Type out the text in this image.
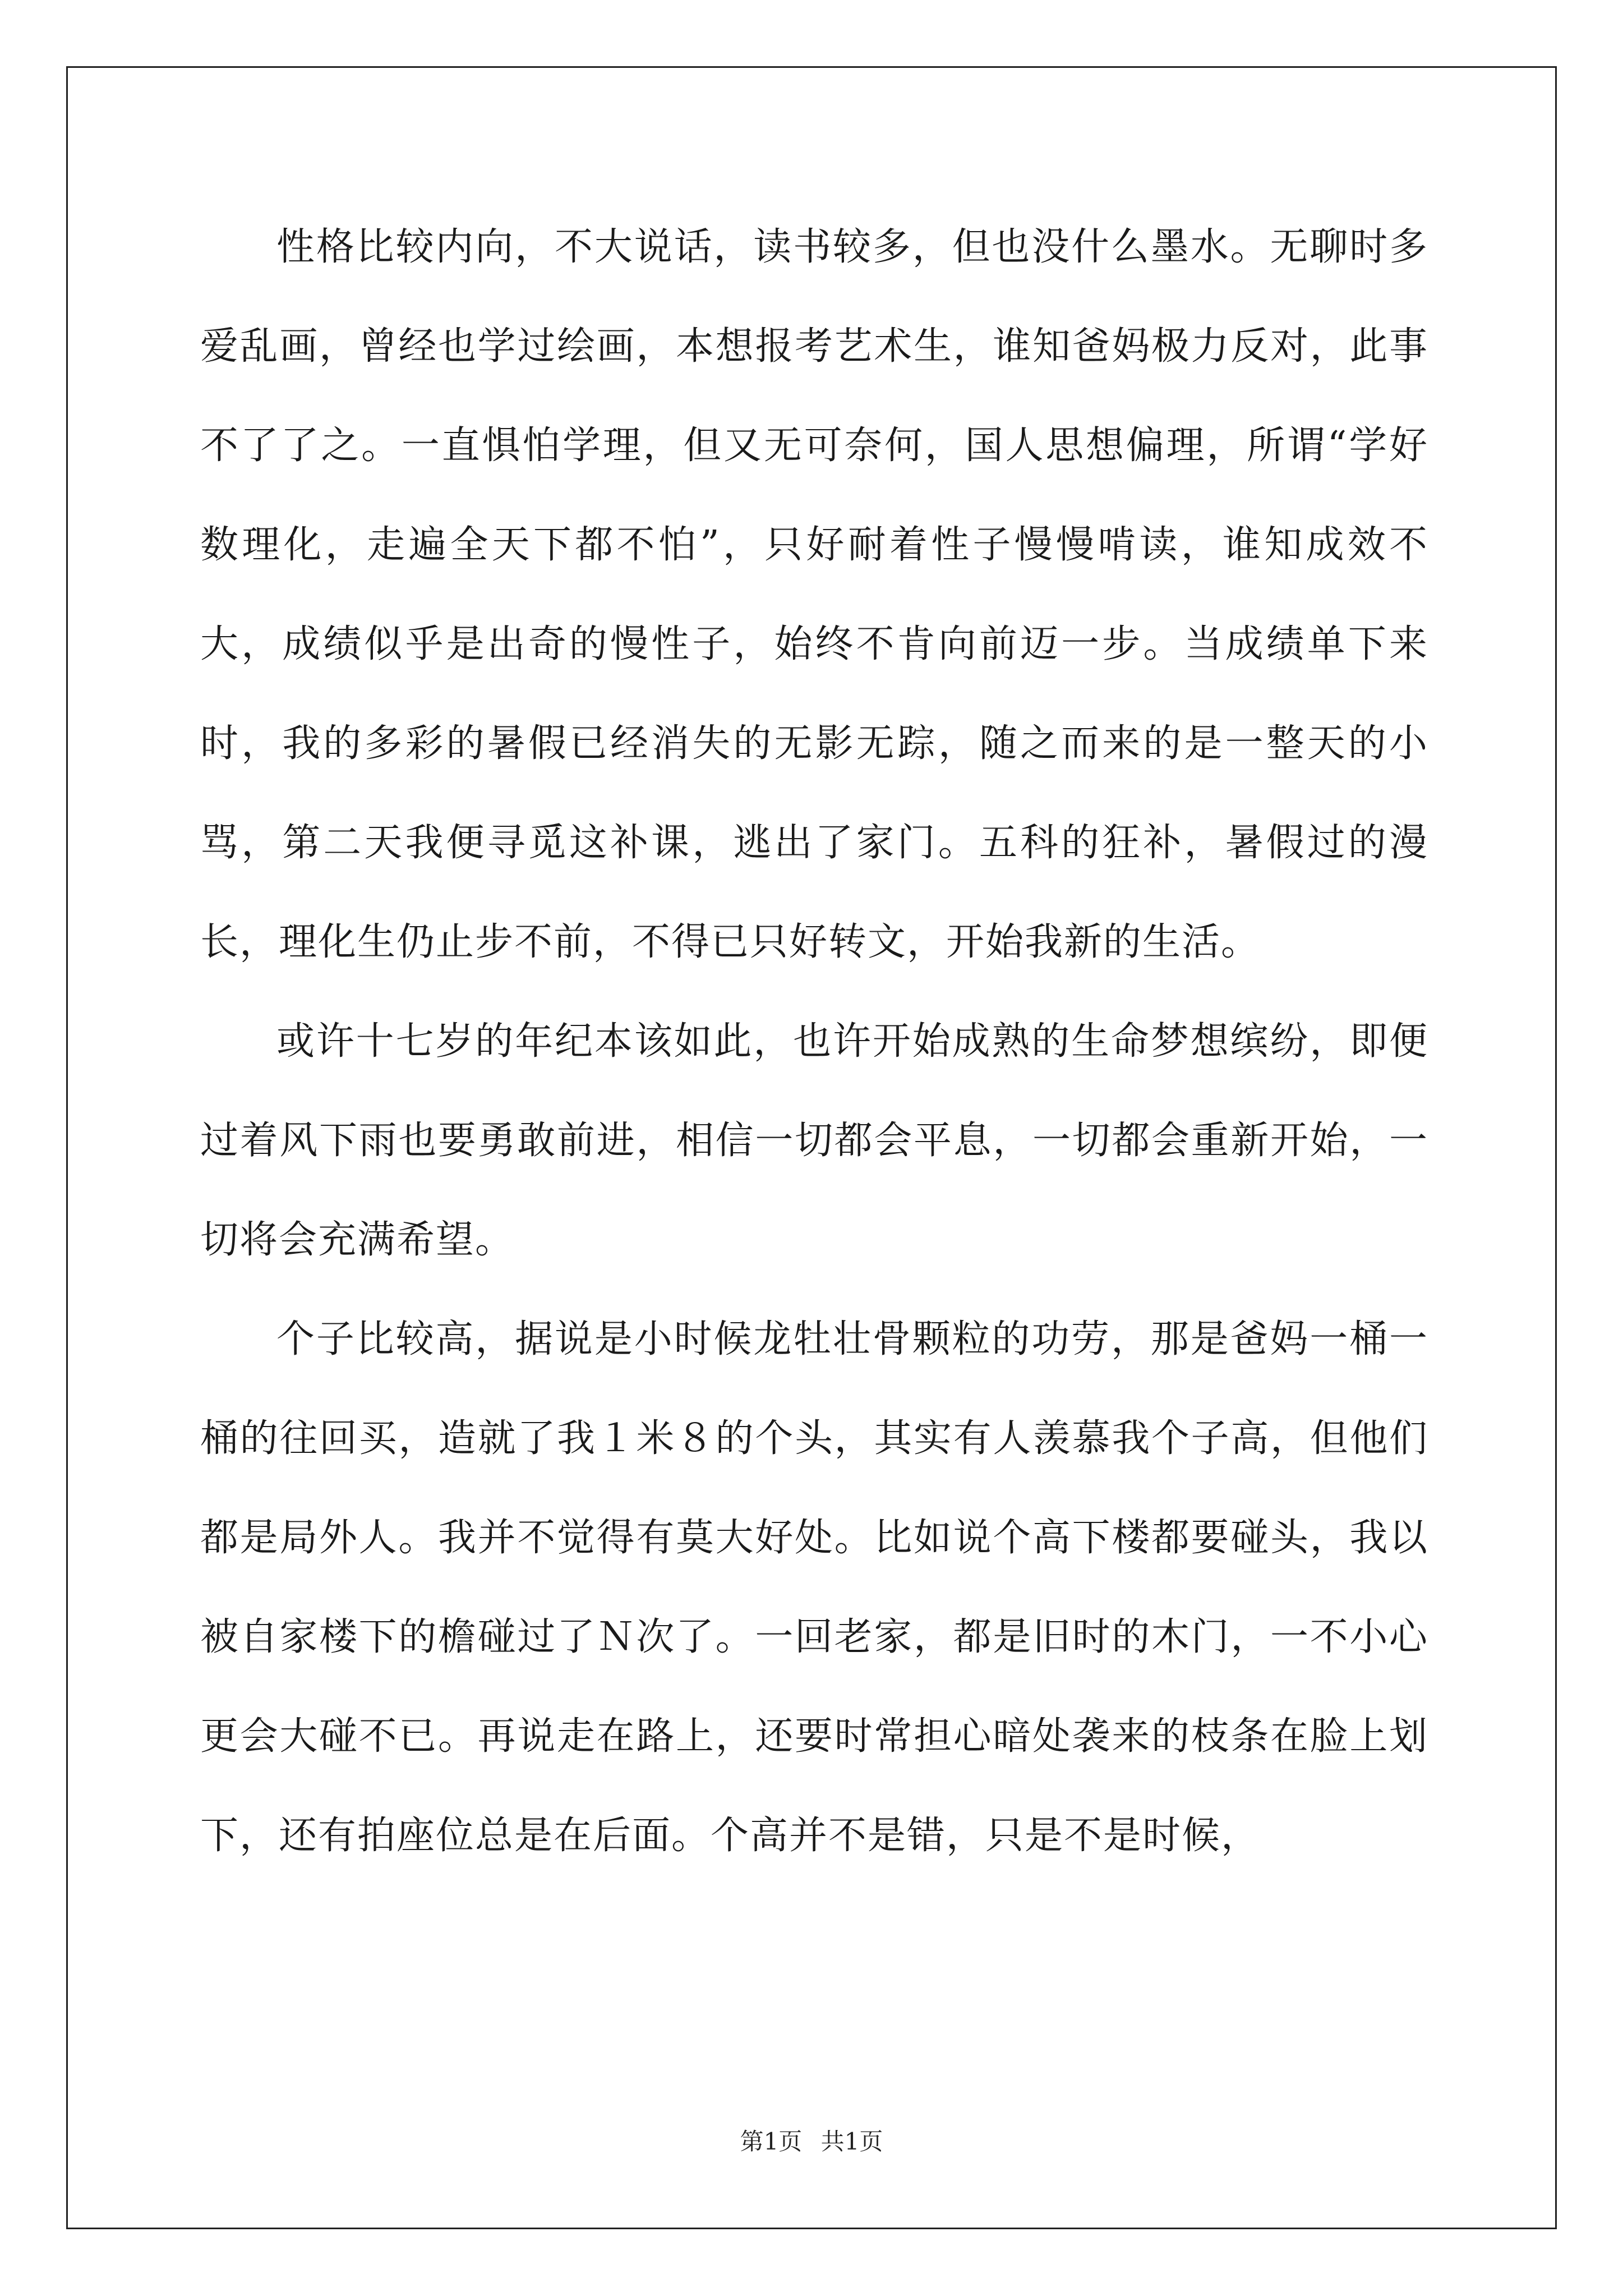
性格比较内向，不大说话，读书较多，但也没什么墨水。无聊时多爱乱画，曾经也学过绘画，本想报考艺术生，谁知爸妈极力反对，此事不了了之。一直惧怕学理，但又无可奈何，国人思想偏理，所谓“学好数理化，走遍全天下都不怕”，只好耐着性子慢慢啃读，谁知成效不大，成绩似乎是出奇的慢性子，始终不肯向前迈一步。当成绩单下来时，我的多彩的暑假已经消失的无影无踪，随之而来的是一整天的小骂，第二天我便寻觅这补课，逃出了家门。五科的狂补，暑假过的漫长，理化生仍止步不前，不得已只好转文，开始我新的生活。

或许十七岁的年纪本该如此，也许开始成熟的生命梦想缤纷，即便过着风下雨也要勇敢前进，相信一切都会平息，一切都会重新开始，一切将会充满希望。

个子比较高，据说是小时候龙牡壮骨颗粒的功劳，那是爸妈一桶一桶的往回买，造就了我１米８的个头，其实有人羡慕我个子高，但他们都是局外人。我并不觉得有莫大好处。比如说个高下楼都要碰头，我以被自家楼下的檐碰过了Ｎ次了。一回老家，都是旧时的木门，一不小心更会大碰不已。再说走在路上，还要时常担心暗处袭来的枝条在脸上划下，还有拍座位总是在后面。个高并不是错，只是不是时候，

第1页 共1页
